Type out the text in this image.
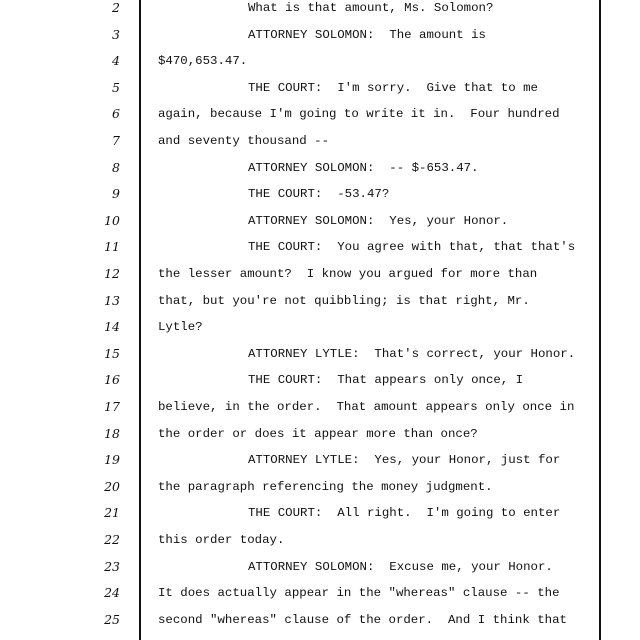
2	What is that amount, Ms. Solomon?
3	ATTORNEY SOLOMON:  The amount is
4	$470,653.47.
5	THE COURT:  I'm sorry.  Give that to me
6	again, because I'm going to write it in.  Four hundred
7	and seventy thousand --
8	ATTORNEY SOLOMON:  -- $-653.47.
9	THE COURT:  -53.47?
10	ATTORNEY SOLOMON:  Yes, your Honor.
11	THE COURT:  You agree with that, that that's
12	the lesser amount?  I know you argued for more than
13	that, but you're not quibbling; is that right, Mr.
14	Lytle?
15	ATTORNEY LYTLE:  That's correct, your Honor.
16	THE COURT:  That appears only once, I
17	believe, in the order.  That amount appears only once in
18	the order or does it appear more than once?
19	ATTORNEY LYTLE:  Yes, your Honor, just for
20	the paragraph referencing the money judgment.
21	THE COURT:  All right.  I'm going to enter
22	this order today.
23	ATTORNEY SOLOMON:  Excuse me, your Honor.
24	It does actually appear in the "whereas" clause -- the
25	second "whereas" clause of the order.  And I think that
